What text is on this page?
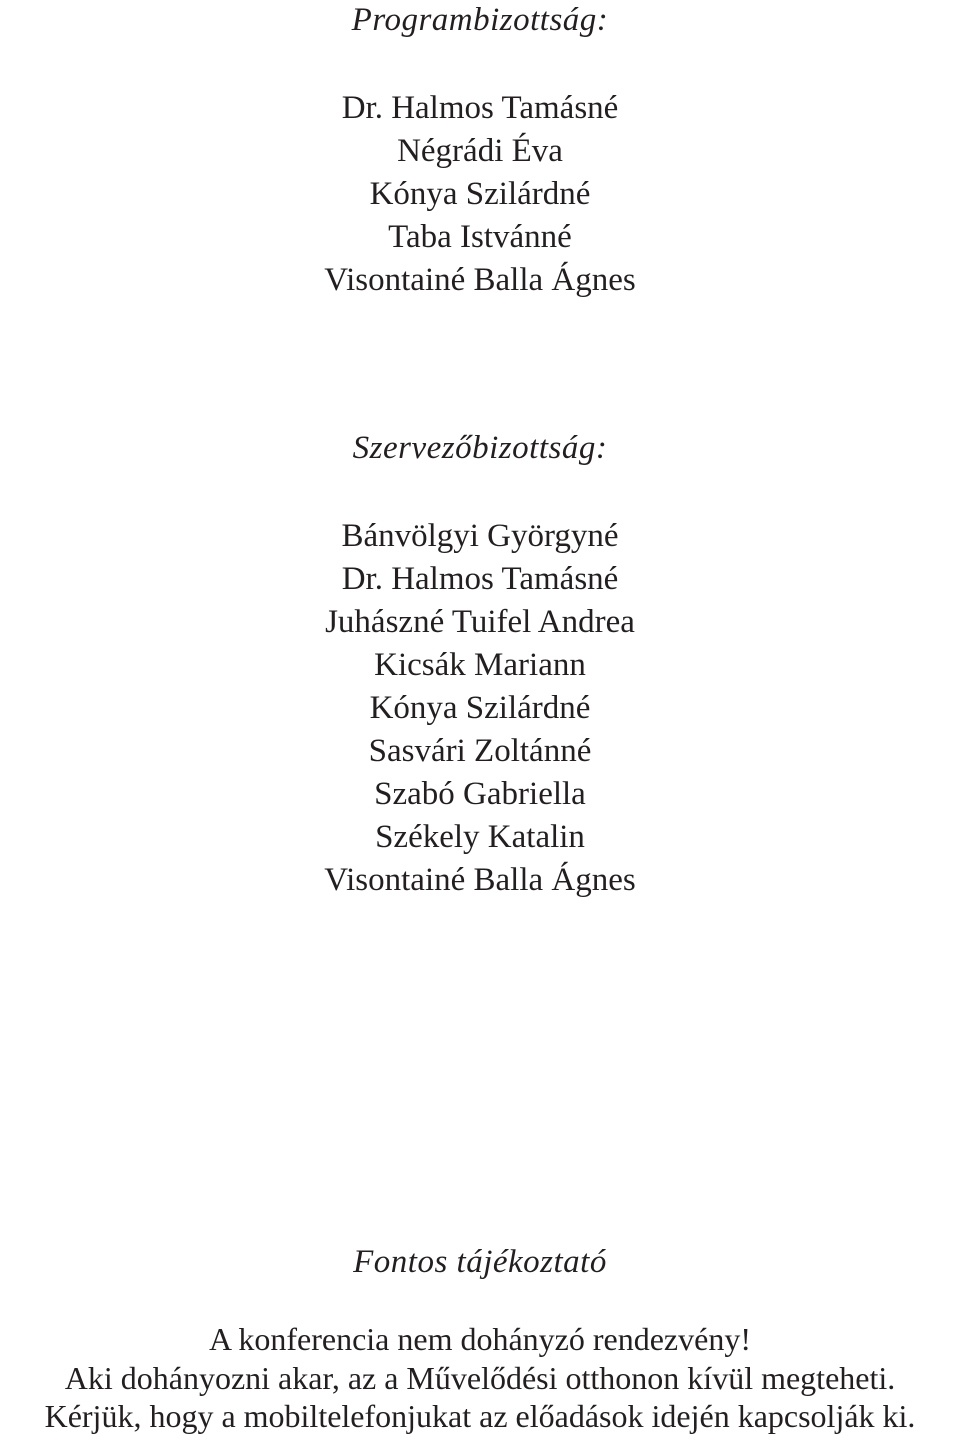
Programbizottság:
Dr. Halmos Tamásné
Négrádi Éva
Kónya Szilárdné
Taba Istvánné
Visontainé Balla Ágnes
Szervezőbizottság:
Bánvölgyi Györgyné
Dr. Halmos Tamásné
Juhászné Tuifel Andrea
Kicsák Mariann
Kónya Szilárdné
Sasvári Zoltánné
Szabó Gabriella
Székely Katalin
Visontainé Balla Ágnes
Fontos tájékoztató
A konferencia nem dohányzó rendezvény!
Aki dohányozni akar, az a Művelődési otthonon kívül megteheti.
Kérjük, hogy a mobiltelefonjukat az előadások idején kapcsolják ki.
